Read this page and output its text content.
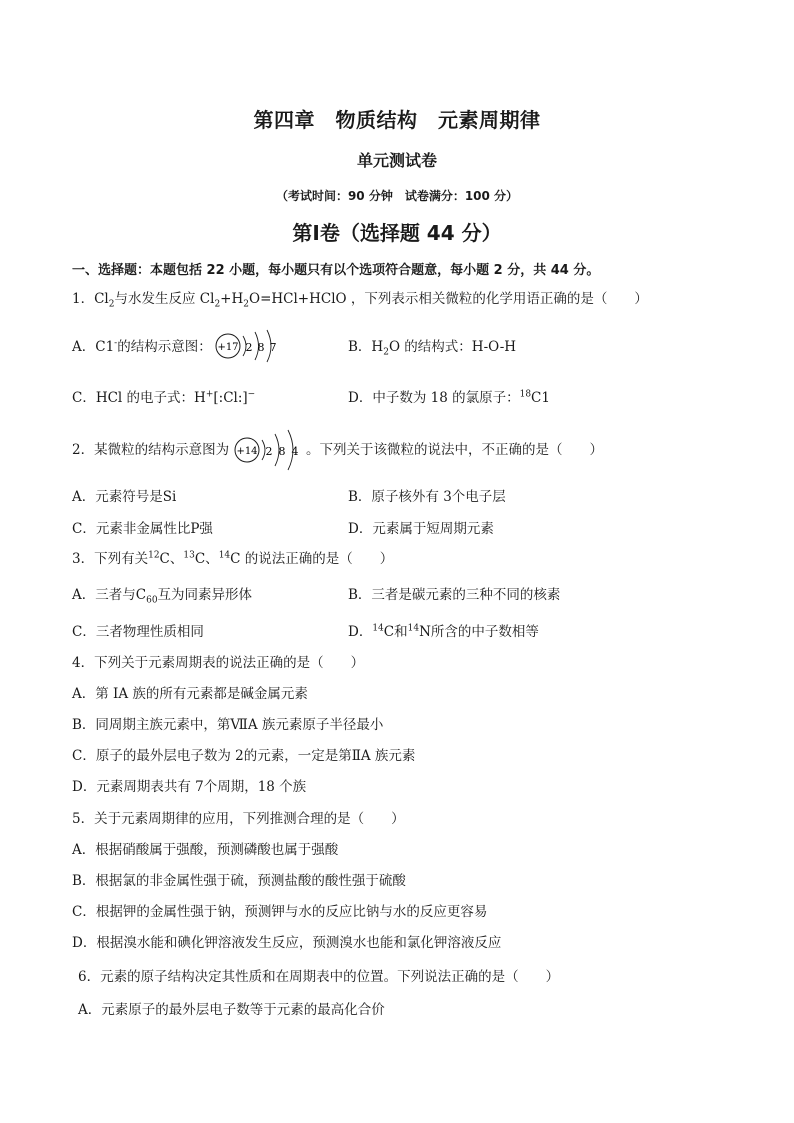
第四章　物质结构　元素周期律
单元测试卷
（考试时间：90 分钟　试卷满分：100 分）
第Ⅰ卷（选择题 44 分）
一、选择题：本题包括 22 小题，每小题只有以个选项符合题意，每小题 2 分，共 44 分。
1．$Cl_2$与水发生反应 $Cl_2+H_2O=HCl+HClO$ ，下列表示相关微粒的化学用语正确的是（　　）
A．C1-的结构示意图： +17 2 8 7	B．$H_2O$ 的结构式：H-O-H
C．HCl 的电子式：H+[:Cl:]−	D．中子数为 18 的氯原子：$^{18}$C1
2．某微粒的结构示意图为 +14 2 8 4 。下列关于该微粒的说法中，不正确的是（　　）
A．元素符号是Si	B．原子核外有 3个电子层
C．元素非金属性比P强	D．元素属于短周期元素
3．下列有关$^{12}$C、$^{13}$C、$^{14}$C 的说法正确的是（　　）
A．三者与$C_{60}$互为同素异形体	B．三者是碳元素的三种不同的核素
C．三者物理性质相同	D．$^{14}$C和$^{14}$N所含的中子数相等
4．下列关于元素周期表的说法正确的是（　　）
A．第 IA 族的所有元素都是碱金属元素
B．同周期主族元素中，第ⅦA 族元素原子半径最小
C．原子的最外层电子数为 2的元素，一定是第ⅡA 族元素
D．元素周期表共有 7个周期，18 个族
5．关于元素周期律的应用，下列推测合理的是（　　）
A．根据硝酸属于强酸，预测磷酸也属于强酸
B．根据氯的非金属性强于硫，预测盐酸的酸性强于硫酸
C．根据钾的金属性强于钠，预测钾与水的反应比钠与水的反应更容易
D．根据溴水能和碘化钾溶液发生反应，预测溴水也能和氯化钾溶液反应
6．元素的原子结构决定其性质和在周期表中的位置。下列说法正确的是（　　）
A．元素原子的最外层电子数等于元素的最高化合价
